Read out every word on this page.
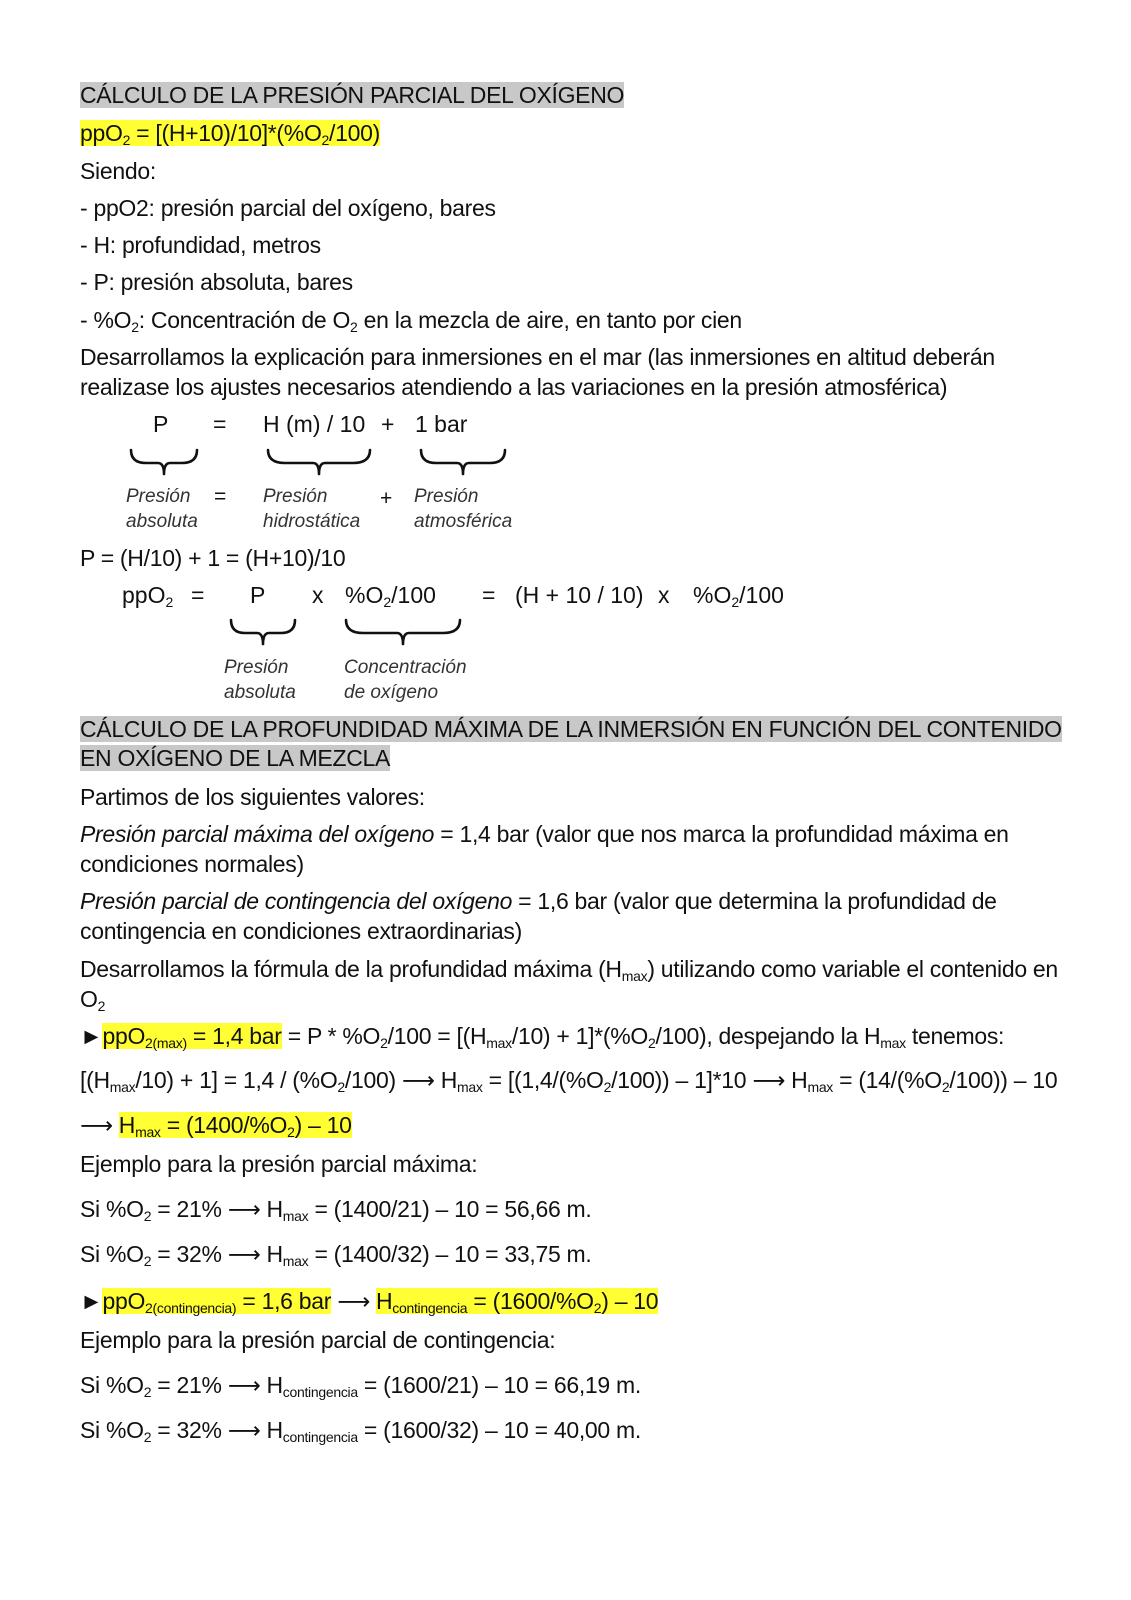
CÁLCULO DE LA PRESIÓN PARCIAL DEL OXÍGENO
$ppO_2 = [(H+10)/10]*(\%O_2/100)$
Siendo:
- ppO2: presión parcial del oxígeno, bares
- H: profundidad, metros
- P: presión absoluta, bares
- $\%O_2$: Concentración de $O_2$ en la mezcla de aire, en tanto por cien
Desarrollamos la explicación para inmersiones en el mar (las inmersiones en altitud deberán
realizase los ajustes necesarios atendiendo a las variaciones en la presión atmosférica)
P = H (m) / 10 + 1 bar
Presión
absoluta
= Presión
hidrostática
+ Presión
atmosférica
P = (H/10) + 1 = (H+10)/10
ppO$_2$ = P x $\%O_2/100 = (H + 10 / 10)$ x $\%O_2/100$
Presión
absoluta
Concentración
de oxígeno
CÁLCULO DE LA PROFUNDIDAD MÁXIMA DE LA INMERSIÓN EN FUNCIÓN DEL CONTENIDO
EN OXÍGENO DE LA MEZCLA
Partimos de los siguientes valores:
Presión parcial máxima del oxígeno = 1,4 bar (valor que nos marca la profundidad máxima en
condiciones normales)
Presión parcial de contingencia del oxígeno = 1,6 bar (valor que determina la profundidad de
contingencia en condiciones extraordinarias)
Desarrollamos la fórmula de la profundidad máxima $(H_{max})$ utilizando como variable el contenido en
$O_2$
►ppO$_{2(max)}$ = 1,4 bar = $P * \%O_2/100 = [(H_{max}/10) + 1]*(\%O_2/100)$, despejando la $H_{max}$ tenemos:
$[(H_{max}/10) + 1] = 1,4 / (\%O_2/100)$ ⟶ $H_{max} = [(1,4/(\%O_2/100)) - 1]*10$ ⟶ $H_{max} = (14/(\%O_2/100)) - 10$
⟶ $H_{max} = (1400/\%O_2) - 10$
Ejemplo para la presión parcial máxima:
Si $\%O_2 = 21\%$ ⟶ $H_{max} = (1400/21) - 10 = 56,66$ m.
Si $\%O_2 = 32\%$ ⟶ $H_{max} = (1400/32) - 10 = 33,75$ m.
►ppO$_{2(contingencia)}$ = 1,6 bar ⟶ $H_{contingencia} = (1600/\%O_2) - 10$
Ejemplo para la presión parcial de contingencia:
Si $\%O_2 = 21\%$ ⟶ $H_{contingencia} = (1600/21) - 10 = 66,19$ m.
Si $\%O_2 = 32\%$ ⟶ $H_{contingencia} = (1600/32) - 10 = 40,00$ m.
